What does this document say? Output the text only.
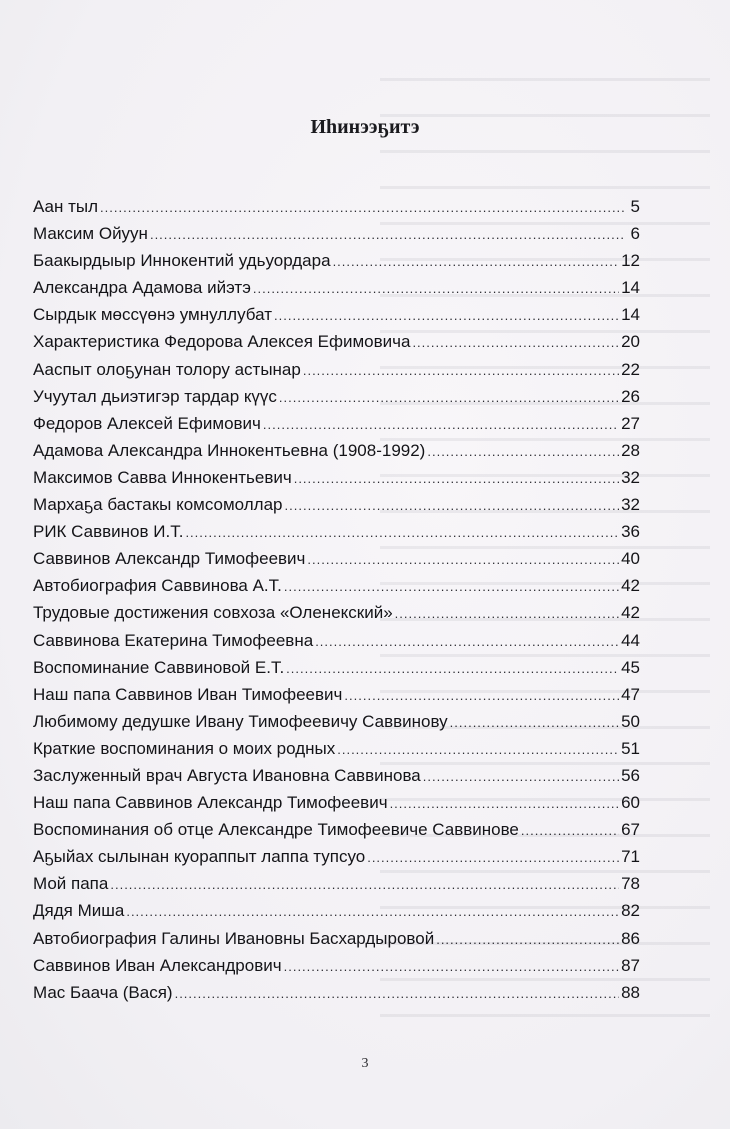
Иһинээҕитэ
Аан тыл .....	5
Максим Ойуун .....	6
Баакырдыыр Иннокентий удьуордара .....	12
Александра Адамова ийэтэ .....	14
Сырдык мөссүөнэ умнуллубат .....	14
Характеристика Федорова Алексея Ефимовича .....	20
Ааспыт олоҕунан толору астынар .....	22
Учуутал дьиэтигэр тардар күүс .....	26
Федоров Алексей Ефимович .....	27
Адамова Александра Иннокентьевна (1908-1992) .....	28
Максимов Савва Иннокентьевич .....	32
Мархаҕа бастакы комсомоллар .....	32
РИК Саввинов И.Т. .....	36
Саввинов Александр Тимофеевич .....	40
Автобиография Саввинова А.Т. .....	42
Трудовые достижения совхоза «Оленекский» .....	42
Саввинова Екатерина Тимофеевна .....	44
Воспоминание Саввиновой Е.Т. .....	45
Наш папа Саввинов Иван Тимофеевич .....	47
Любимому дедушке Ивану Тимофеевичу Саввинову .....	50
Краткие воспоминания о моих родных .....	51
Заслуженный врач Августа Ивановна Саввинова .....	56
Наш папа Саввинов Александр Тимофеевич .....	60
Воспоминания об отце Александре Тимофеевиче Саввинове .....	67
Аҕыйах сылынан куораппыт лаппа тупсуо .....	71
Мой папа .....	78
Дядя Миша .....	82
Автобиография Галины Ивановны Басхардыровой .....	86
Саввинов Иван Александрович .....	87
Мас Баача (Вася) .....	88
3
